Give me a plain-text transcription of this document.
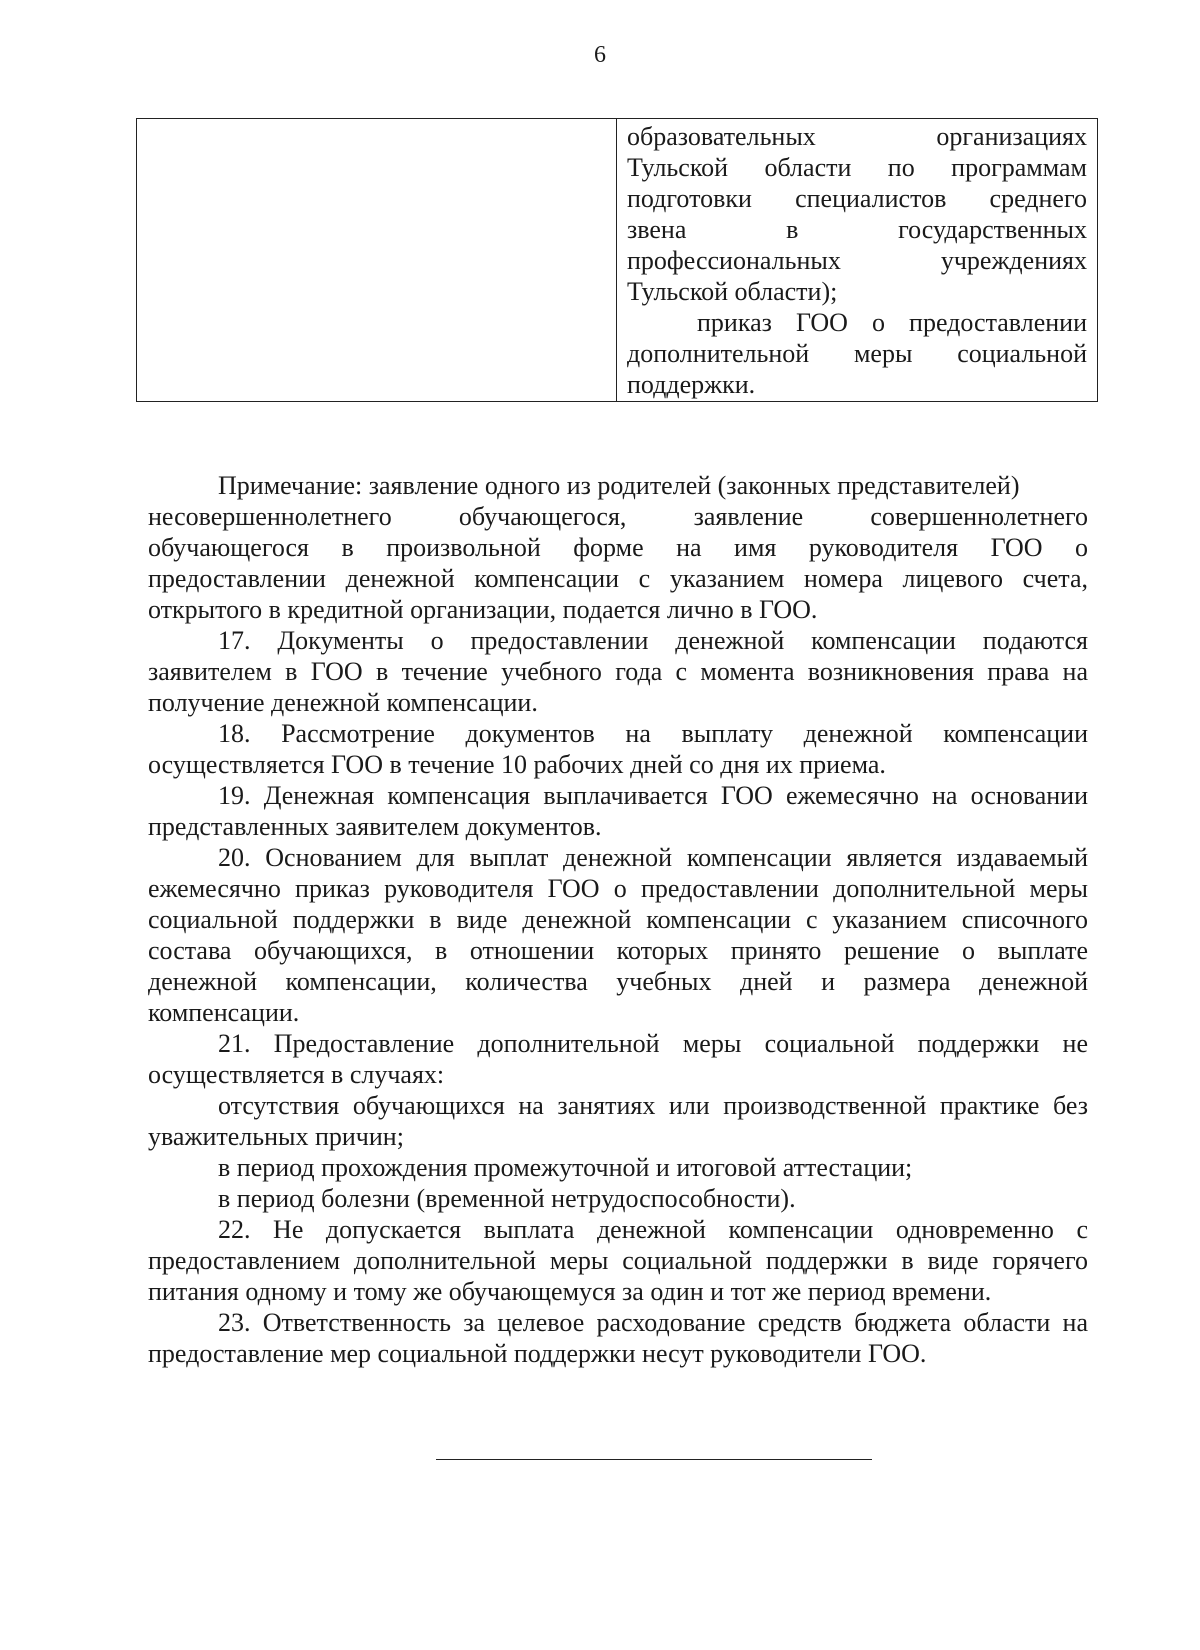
6
образовательных организациях
Тульской области по программам
подготовки специалистов среднего
звена в государственных
профессиональных учреждениях
Тульской области);
приказ ГОО о предоставлении
дополнительной меры социальной
поддержки.
Примечание: заявление одного из родителей (законных представителей)
несовершеннолетнего обучающегося, заявление совершеннолетнего
обучающегося в произвольной форме на имя руководителя ГОО о
предоставлении денежной компенсации с указанием номера лицевого счета,
открытого в кредитной организации, подается лично в ГОО.
17. Документы о предоставлении денежной компенсации подаются
заявителем в ГОО в течение учебного года с момента возникновения права на
получение денежной компенсации.
18. Рассмотрение документов на выплату денежной компенсации
осуществляется ГОО в течение 10 рабочих дней со дня их приема.
19. Денежная компенсация выплачивается ГОО ежемесячно на основании
представленных заявителем документов.
20. Основанием для выплат денежной компенсации является издаваемый
ежемесячно приказ руководителя ГОО о предоставлении дополнительной меры
социальной поддержки в виде денежной компенсации с указанием списочного
состава обучающихся, в отношении которых принято решение о выплате
денежной компенсации, количества учебных дней и размера денежной
компенсации.
21. Предоставление дополнительной меры социальной поддержки не
осуществляется в случаях:
отсутствия обучающихся на занятиях или производственной практике без
уважительных причин;
в период прохождения промежуточной и итоговой аттестации;
в период болезни (временной нетрудоспособности).
22. Не допускается выплата денежной компенсации одновременно с
предоставлением дополнительной меры социальной поддержки в виде горячего
питания одному и тому же обучающемуся за один и тот же период времени.
23. Ответственность за целевое расходование средств бюджета области на
предоставление мер социальной поддержки несут руководители ГОО.
